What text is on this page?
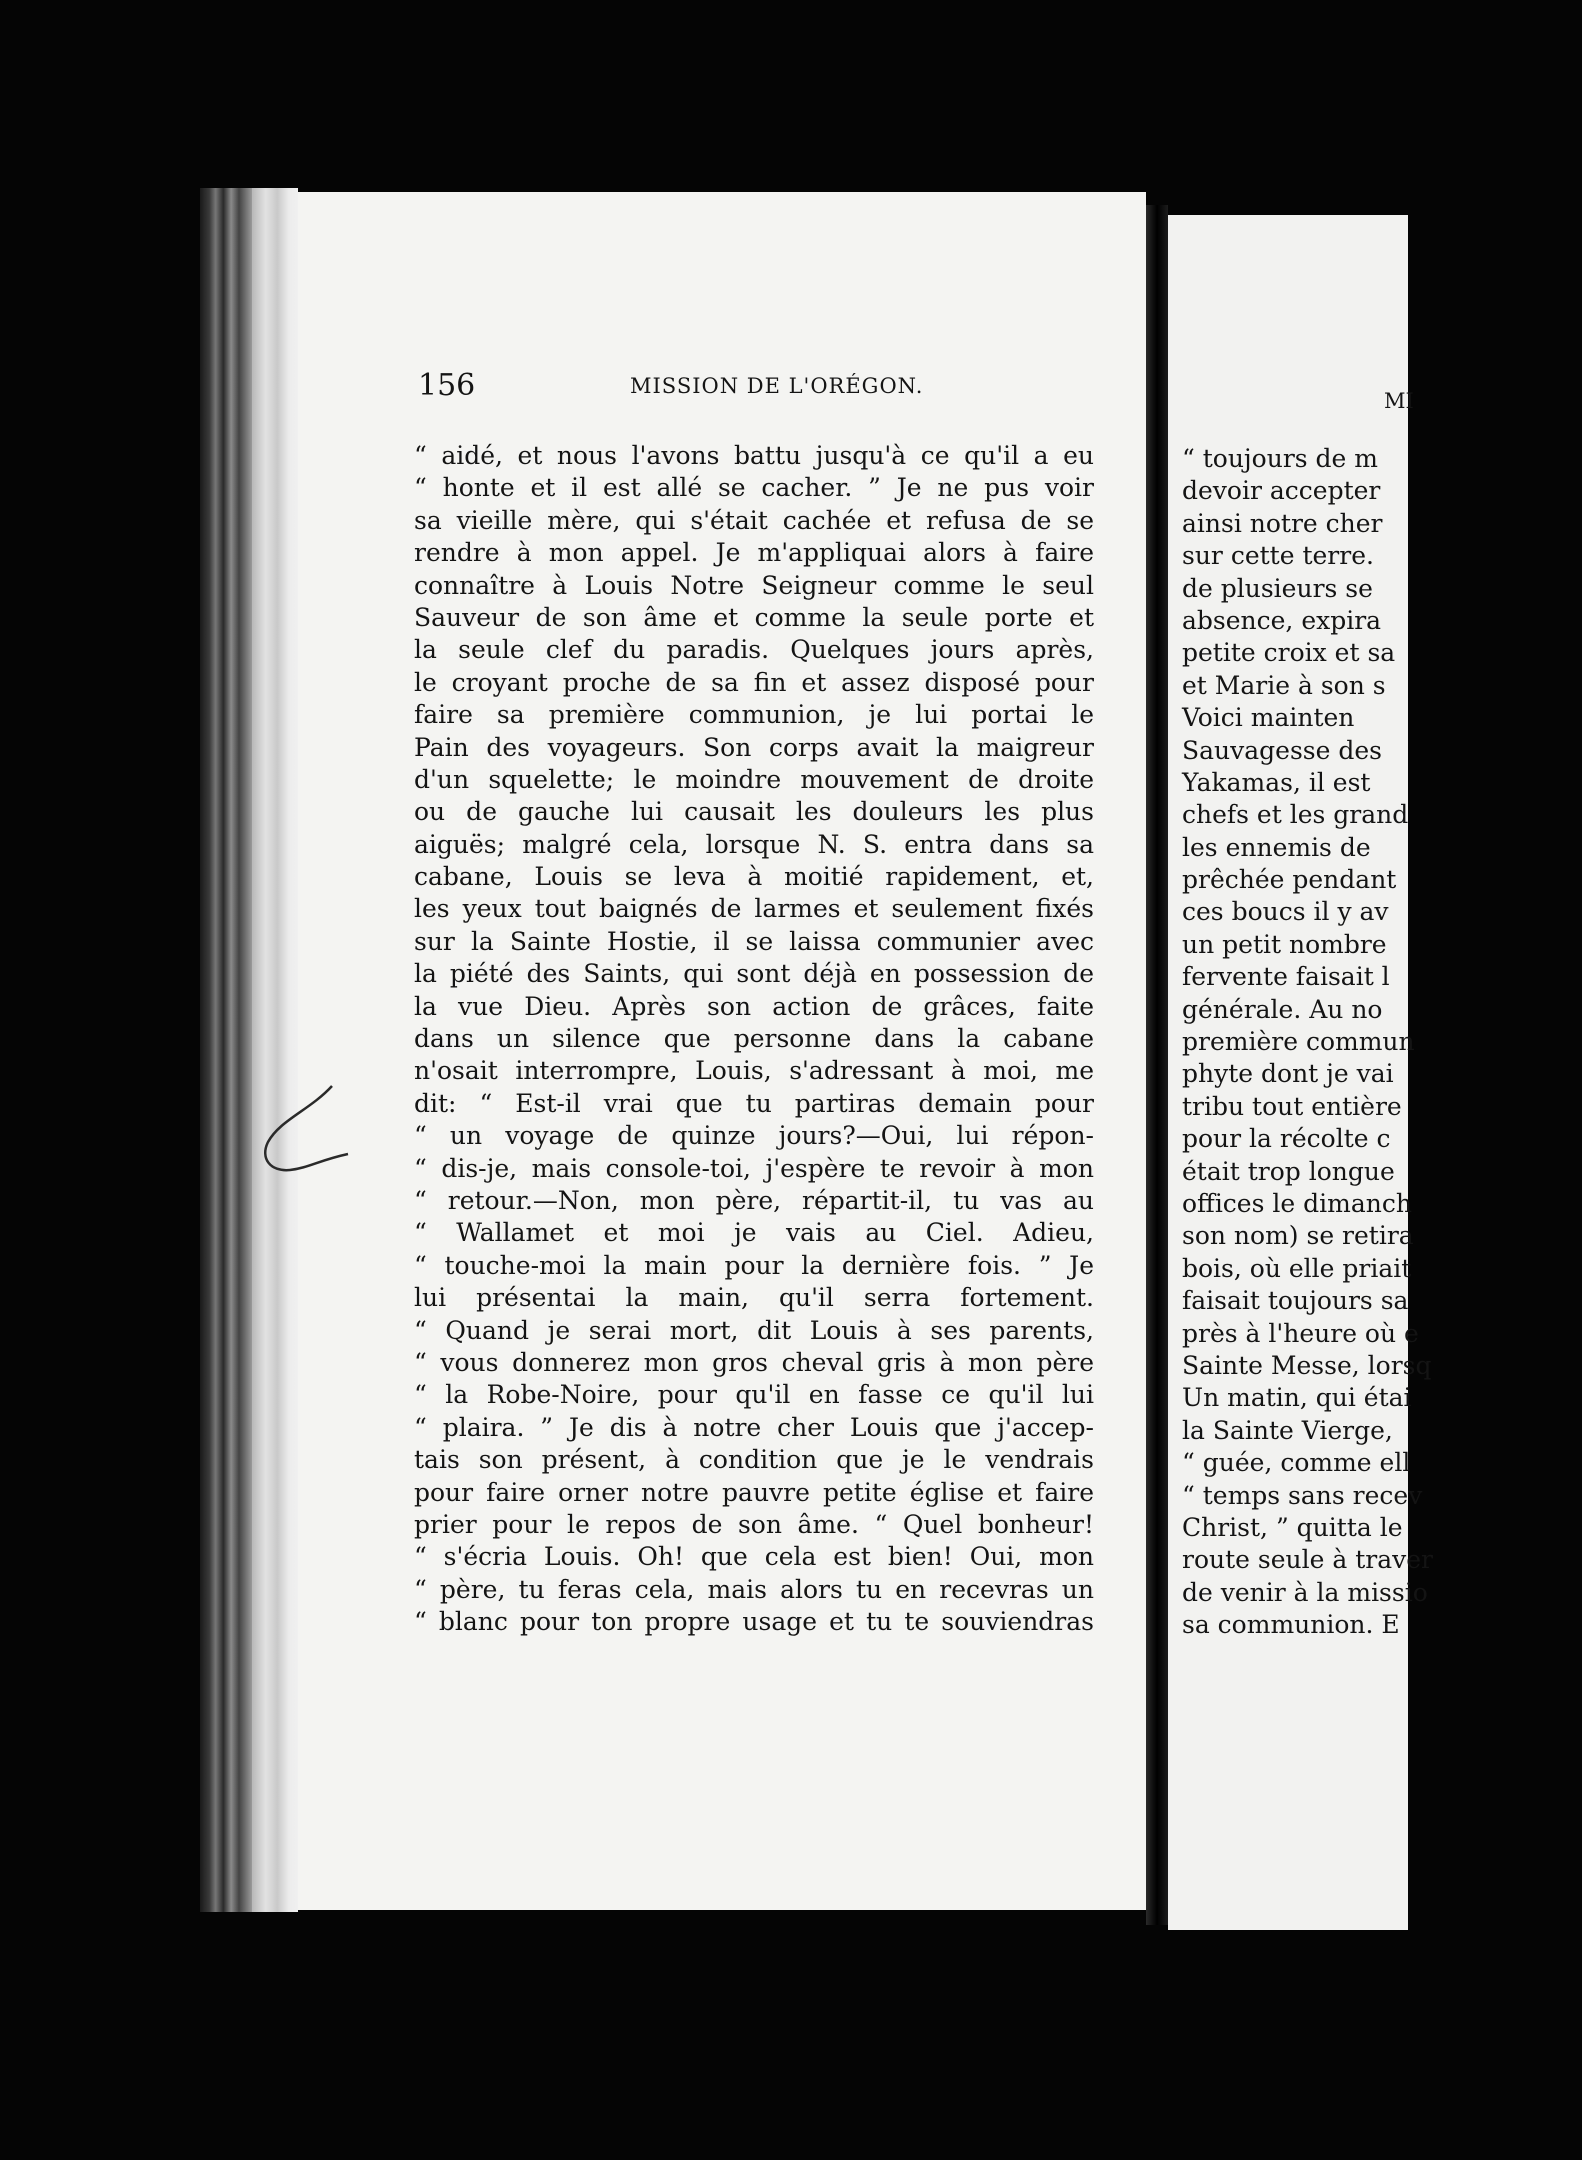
156	MISSION DE L'ORÉGON.
“ aidé, et nous l'avons battu jusqu'à ce qu'il a eu
“ honte et il est allé se cacher. ” Je ne pus voir
sa vieille mère, qui s'était cachée et refusa de se
rendre à mon appel. Je m'appliquai alors à faire
connaître à Louis Notre Seigneur comme le seul
Sauveur de son âme et comme la seule porte et
la seule clef du paradis. Quelques jours après,
le croyant proche de sa fin et assez disposé pour
faire sa première communion, je lui portai le
Pain des voyageurs. Son corps avait la maigreur
d'un squelette; le moindre mouvement de droite
ou de gauche lui causait les douleurs les plus
aiguës; malgré cela, lorsque N. S. entra dans sa
cabane, Louis se leva à moitié rapidement, et,
les yeux tout baignés de larmes et seulement fixés
sur la Sainte Hostie, il se laissa communier avec
la piété des Saints, qui sont déjà en possession de
la vue Dieu. Après son action de grâces, faite
dans un silence que personne dans la cabane
n'osait interrompre, Louis, s'adressant à moi, me
dit: “ Est-il vrai que tu partiras demain pour
“ un voyage de quinze jours?—Oui, lui répon-
“ dis-je, mais console-toi, j'espère te revoir à mon
“ retour.—Non, mon père, répartit-il, tu vas au
“ Wallamet et moi je vais au Ciel. Adieu,
“ touche-moi la main pour la dernière fois. ” Je
lui présentai la main, qu'il serra fortement.
“ Quand je serai mort, dit Louis à ses parents,
“ vous donnerez mon gros cheval gris à mon père
“ la Robe-Noire, pour qu'il en fasse ce qu'il lui
“ plaira. ” Je dis à notre cher Louis que j'accep-
tais son présent, à condition que je le vendrais
pour faire orner notre pauvre petite église et faire
prier pour le repos de son âme. “ Quel bonheur!
“ s'écria Louis. Oh! que cela est bien! Oui, mon
“ père, tu feras cela, mais alors tu en recevras un
“ blanc pour ton propre usage et tu te souviendras
MI
“ toujours de m
devoir accepter
ainsi notre cher
sur cette terre.
de plusieurs se
absence, expira
petite croix et sa
et Marie à son s
Voici mainten
Sauvagesse des
Yakamas, il est
chefs et les grand
les ennemis de
prêchée pendant
ces boucs il y av
un petit nombre
fervente faisait l
générale. Au no
première commun
phyte dont je vai
tribu tout entière
pour la récolte c
était trop longue
offices le dimanch
son nom) se retira
bois, où elle priait
faisait toujours sa
près à l'heure où e
Sainte Messe, lorsq
Un matin, qui étai
la Sainte Vierge,
“ guée, comme ell
“ temps sans recev
Christ, ” quitta le
route seule à traver
de venir à la missio
sa communion. E
